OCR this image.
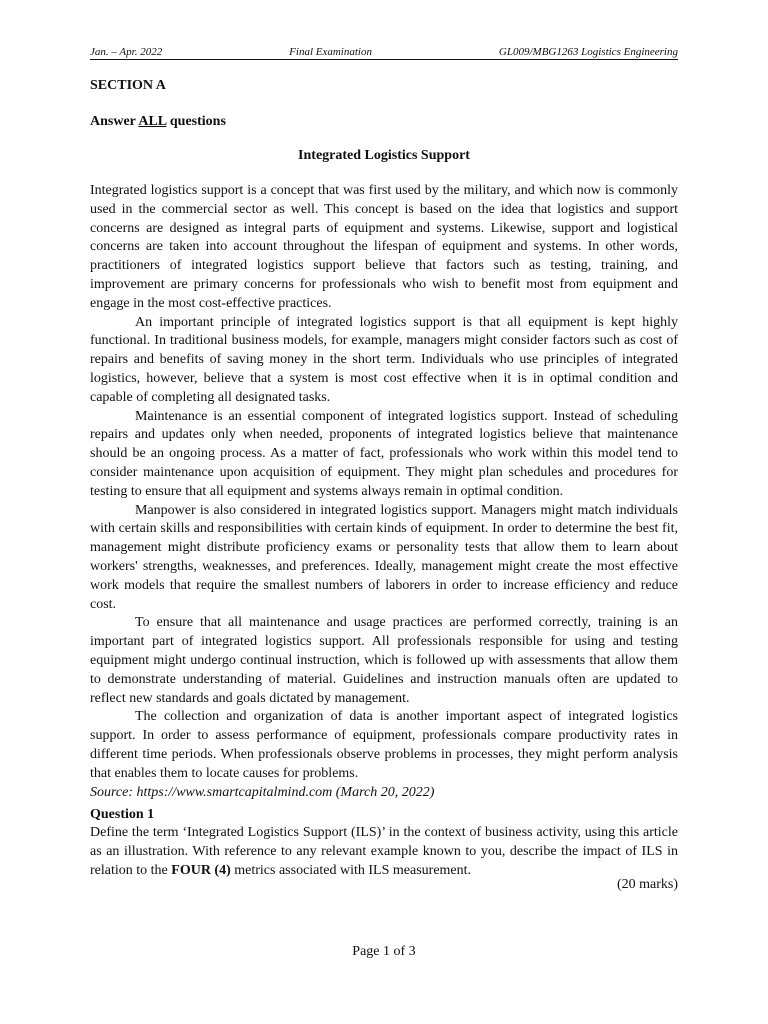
Jan. – Apr. 2022	Final Examination	GL009/MBG1263 Logistics Engineering
SECTION A
Answer ALL questions
Integrated Logistics Support

Integrated logistics support is a concept that was first used by the military, and which now is commonly used in the commercial sector as well. This concept is based on the idea that logistics and support concerns are designed as integral parts of equipment and systems. Likewise, support and logistical concerns are taken into account throughout the lifespan of equipment and systems. In other words, practitioners of integrated logistics support believe that factors such as testing, training, and improvement are primary concerns for professionals who wish to benefit most from equipment and engage in the most cost-effective practices.

An important principle of integrated logistics support is that all equipment is kept highly functional. In traditional business models, for example, managers might consider factors such as cost of repairs and benefits of saving money in the short term. Individuals who use principles of integrated logistics, however, believe that a system is most cost effective when it is in optimal condition and capable of completing all designated tasks.

Maintenance is an essential component of integrated logistics support. Instead of scheduling repairs and updates only when needed, proponents of integrated logistics believe that maintenance should be an ongoing process. As a matter of fact, professionals who work within this model tend to consider maintenance upon acquisition of equipment. They might plan schedules and procedures for testing to ensure that all equipment and systems always remain in optimal condition.

Manpower is also considered in integrated logistics support. Managers might match individuals with certain skills and responsibilities with certain kinds of equipment. In order to determine the best fit, management might distribute proficiency exams or personality tests that allow them to learn about workers' strengths, weaknesses, and preferences. Ideally, management might create the most effective work models that require the smallest numbers of laborers in order to increase efficiency and reduce cost.

To ensure that all maintenance and usage practices are performed correctly, training is an important part of integrated logistics support. All professionals responsible for using and testing equipment might undergo continual instruction, which is followed up with assessments that allow them to demonstrate understanding of material. Guidelines and instruction manuals often are updated to reflect new standards and goals dictated by management.

The collection and organization of data is another important aspect of integrated logistics support. In order to assess performance of equipment, professionals compare productivity rates in different time periods. When professionals observe problems in processes, they might perform analysis that enables them to locate causes for problems.

Source: https://www.smartcapitalmind.com (March 20, 2022)

Question 1

Define the term ‘Integrated Logistics Support (ILS)’ in the context of business activity, using this article as an illustration. With reference to any relevant example known to you, describe the impact of ILS in relation to the FOUR (4) metrics associated with ILS measurement.

(20 marks)
Page 1 of 3
